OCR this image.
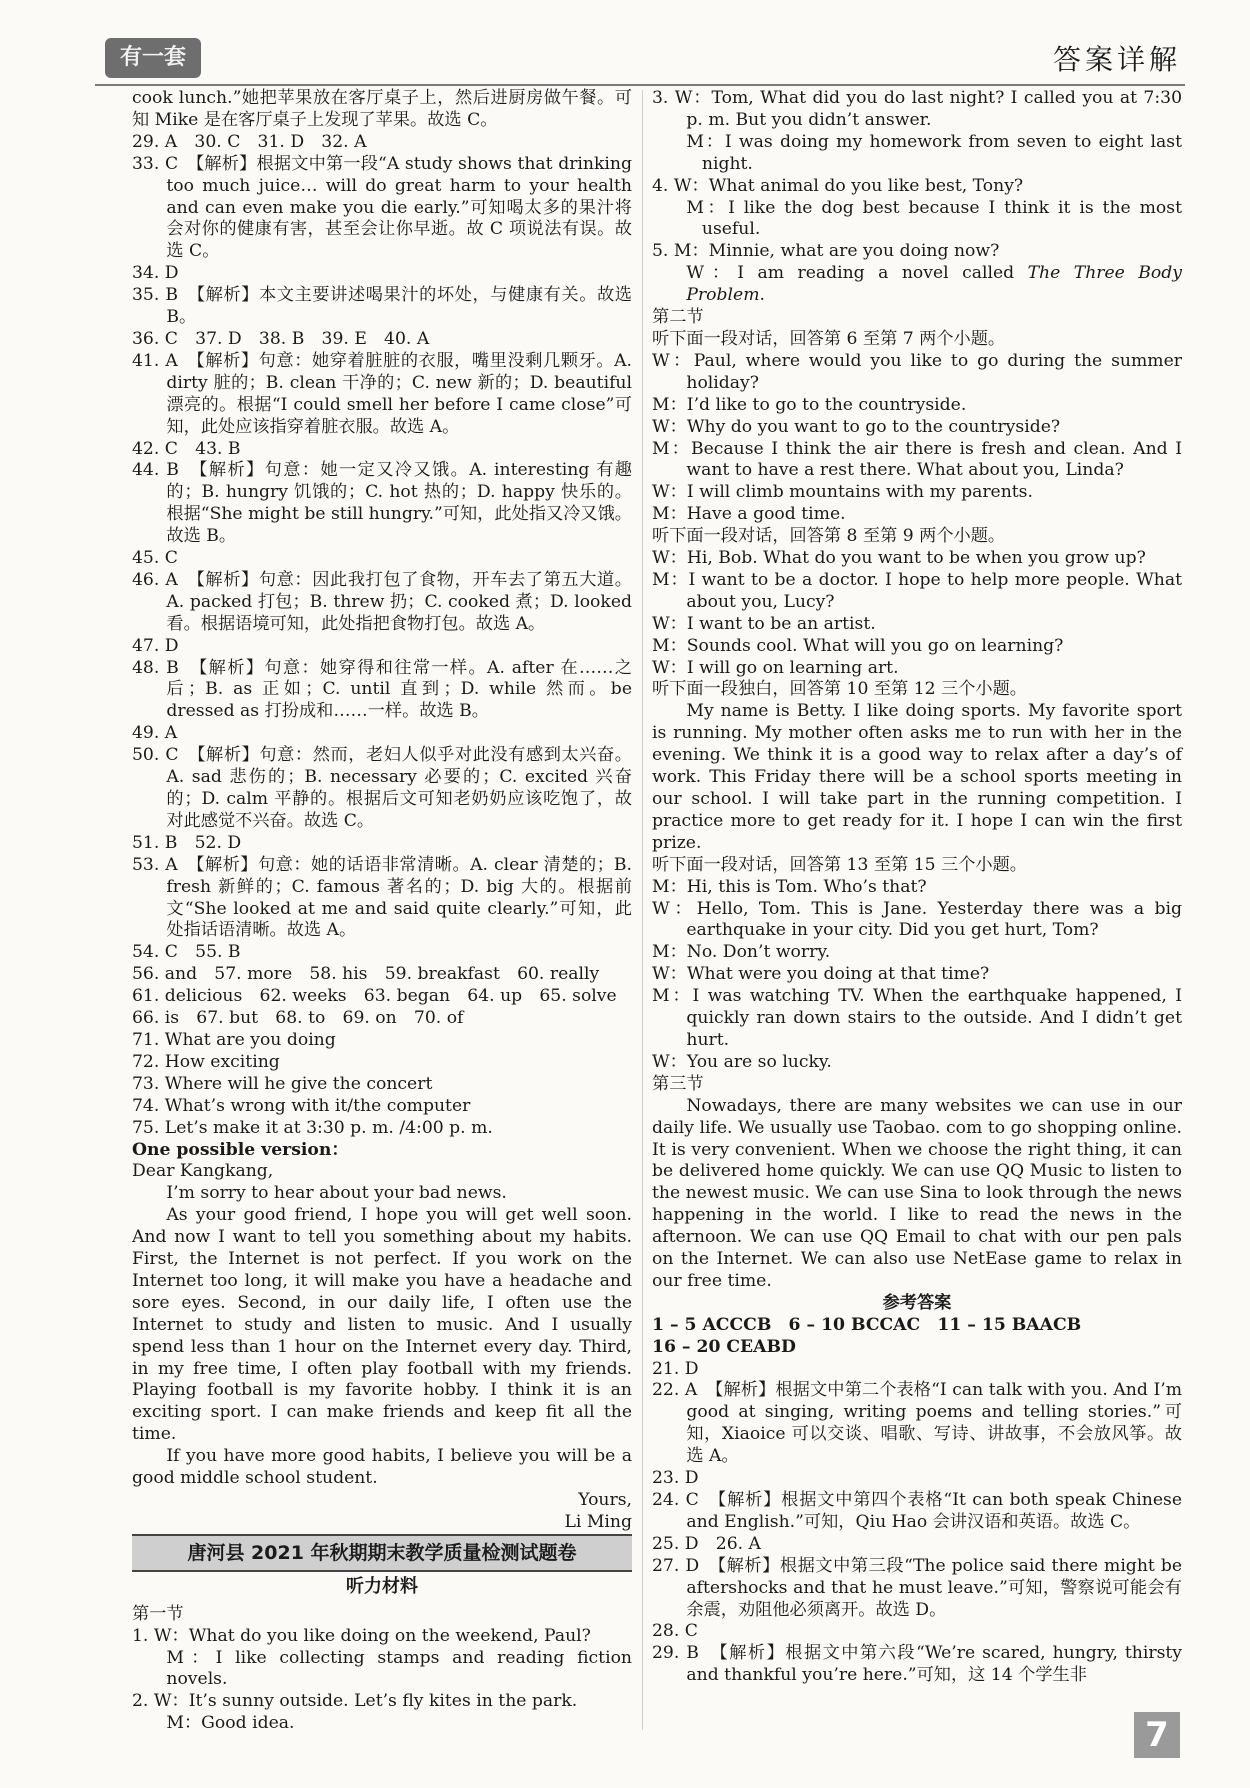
有一套	答案详解

cook lunch.”她把苹果放在客厅桌子上，然后进厨房做午餐。可知 Mike 是在客厅桌子上发现了苹果。故选 C。

29. A　30. C　31. D　32. A

33. C　【解析】根据文中第一段“A study shows that drinking too much juice… will do great harm to your health and can even make you die early.”可知喝太多的果汁将会对你的健康有害，甚至会让你早逝。故 C 项说法有误。故选 C。

34. D

35. B　【解析】本文主要讲述喝果汁的坏处，与健康有关。故选 B。

36. C　37. D　38. B　39. E　40. A

41. A　【解析】句意：她穿着脏脏的衣服，嘴里没剩几颗牙。A. dirty 脏的；B. clean 干净的；C. new 新的；D. beautiful 漂亮的。根据“I could smell her before I came close”可知，此处应该指穿着脏衣服。故选 A。

42. C　43. B

44. B　【解析】句意：她一定又冷又饿。A. interesting 有趣的；B. hungry 饥饿的；C. hot 热的；D. happy 快乐的。根据“She might be still hungry.”可知，此处指又冷又饿。故选 B。

45. C

46. A　【解析】句意：因此我打包了食物，开车去了第五大道。A. packed 打包；B. threw 扔；C. cooked 煮；D. looked 看。根据语境可知，此处指把食物打包。故选 A。

47. D

48. B　【解析】句意：她穿得和往常一样。A. after 在……之后；B. as 正如；C. until 直到；D. while 然而。be dressed as 打扮成和……一样。故选 B。

49. A

50. C　【解析】句意：然而，老妇人似乎对此没有感到太兴奋。A. sad 悲伤的；B. necessary 必要的；C. excited 兴奋的；D. calm 平静的。根据后文可知老奶奶应该吃饱了，故对此感觉不兴奋。故选 C。

51. B　52. D

53. A　【解析】句意：她的话语非常清晰。A. clear 清楚的；B. fresh 新鲜的；C. famous 著名的；D. big 大的。根据前文“She looked at me and said quite clearly.”可知，此处指话语清晰。故选 A。

54. C　55. B

56. and　57. more　58. his　59. breakfast　60. really

61. delicious　62. weeks　63. began　64. up　65. solve

66. is　67. but　68. to　69. on　70. of

71. What are you doing

72. How exciting

73. Where will he give the concert

74. What’s wrong with it/the computer

75. Let’s make it at 3:30 p. m. /4:00 p. m.

One possible version：

Dear Kangkang,

I’m sorry to hear about your bad news.

As your good friend, I hope you will get well soon. And now I want to tell you something about my habits. First, the Internet is not perfect. If you work on the Internet too long, it will make you have a headache and sore eyes. Second, in our daily life, I often use the Internet to study and listen to music. And I usually spend less than 1 hour on the Internet every day. Third, in my free time, I often play football with my friends. Playing football is my favorite hobby. I think it is an exciting sport. I can make friends and keep fit all the time.

If you have more good habits, I believe you will be a good middle school student.

Yours,

Li Ming

唐河县 2021 年秋期期末教学质量检测试题卷

听力材料

第一节

1. W：What do you like doing on the weekend, Paul?

M：I like collecting stamps and reading fiction novels.

2. W：It’s sunny outside. Let’s fly kites in the park.

M：Good idea.

3. W：Tom, What did you do last night? I called you at 7:30 p. m. But you didn’t answer.

M：I was doing my homework from seven to eight last night.

4. W：What animal do you like best, Tony?

M：I like the dog best because I think it is the most useful.

5. M：Minnie, what are you doing now?

W：I am reading a novel called The Three Body Problem.

第二节

听下面一段对话，回答第 6 至第 7 两个小题。

W：Paul, where would you like to go during the summer holiday?

M：I’d like to go to the countryside.

W：Why do you want to go to the countryside?

M：Because I think the air there is fresh and clean. And I want to have a rest there. What about you, Linda?

W：I will climb mountains with my parents.

M：Have a good time.

听下面一段对话，回答第 8 至第 9 两个小题。

W：Hi, Bob. What do you want to be when you grow up?

M：I want to be a doctor. I hope to help more people. What about you, Lucy?

W：I want to be an artist.

M：Sounds cool. What will you go on learning?

W：I will go on learning art.

听下面一段独白，回答第 10 至第 12 三个小题。

My name is Betty. I like doing sports. My favorite sport is running. My mother often asks me to run with her in the evening. We think it is a good way to relax after a day’s of work. This Friday there will be a school sports meeting in our school. I will take part in the running competition. I practice more to get ready for it. I hope I can win the first prize.

听下面一段对话，回答第 13 至第 15 三个小题。

M：Hi, this is Tom. Who’s that?

W：Hello, Tom. This is Jane. Yesterday there was a big earthquake in your city. Did you get hurt, Tom?

M：No. Don’t worry.

W：What were you doing at that time?

M：I was watching TV. When the earthquake happened, I quickly ran down stairs to the outside. And I didn’t get hurt.

W：You are so lucky.

第三节

Nowadays, there are many websites we can use in our daily life. We usually use Taobao. com to go shopping online. It is very convenient. When we choose the right thing, it can be delivered home quickly. We can use QQ Music to listen to the newest music. We can use Sina to look through the news happening in the world. I like to read the news in the afternoon. We can use QQ Email to chat with our pen pals on the Internet. We can also use NetEase game to relax in our free time.

参考答案

1 – 5 ACCCB　6 – 10 BCCAC　11 – 15 BAACB

16 – 20 CEABD

21. D

22. A　【解析】根据文中第二个表格“I can talk with you. And I’m good at singing, writing poems and telling stories.”可知，Xiaoice 可以交谈、唱歌、写诗、讲故事，不会放风筝。故选 A。

23. D

24. C　【解析】根据文中第四个表格“It can both speak Chinese and English.”可知，Qiu Hao 会讲汉语和英语。故选 C。

25. D　26. A

27. D　【解析】根据文中第三段“The police said there might be aftershocks and that he must leave.”可知，警察说可能会有余震，劝阻他必须离开。故选 D。

28. C

29. B　【解析】根据文中第六段“We’re scared, hungry, thirsty and thankful you’re here.”可知，这 14 个学生非

7
